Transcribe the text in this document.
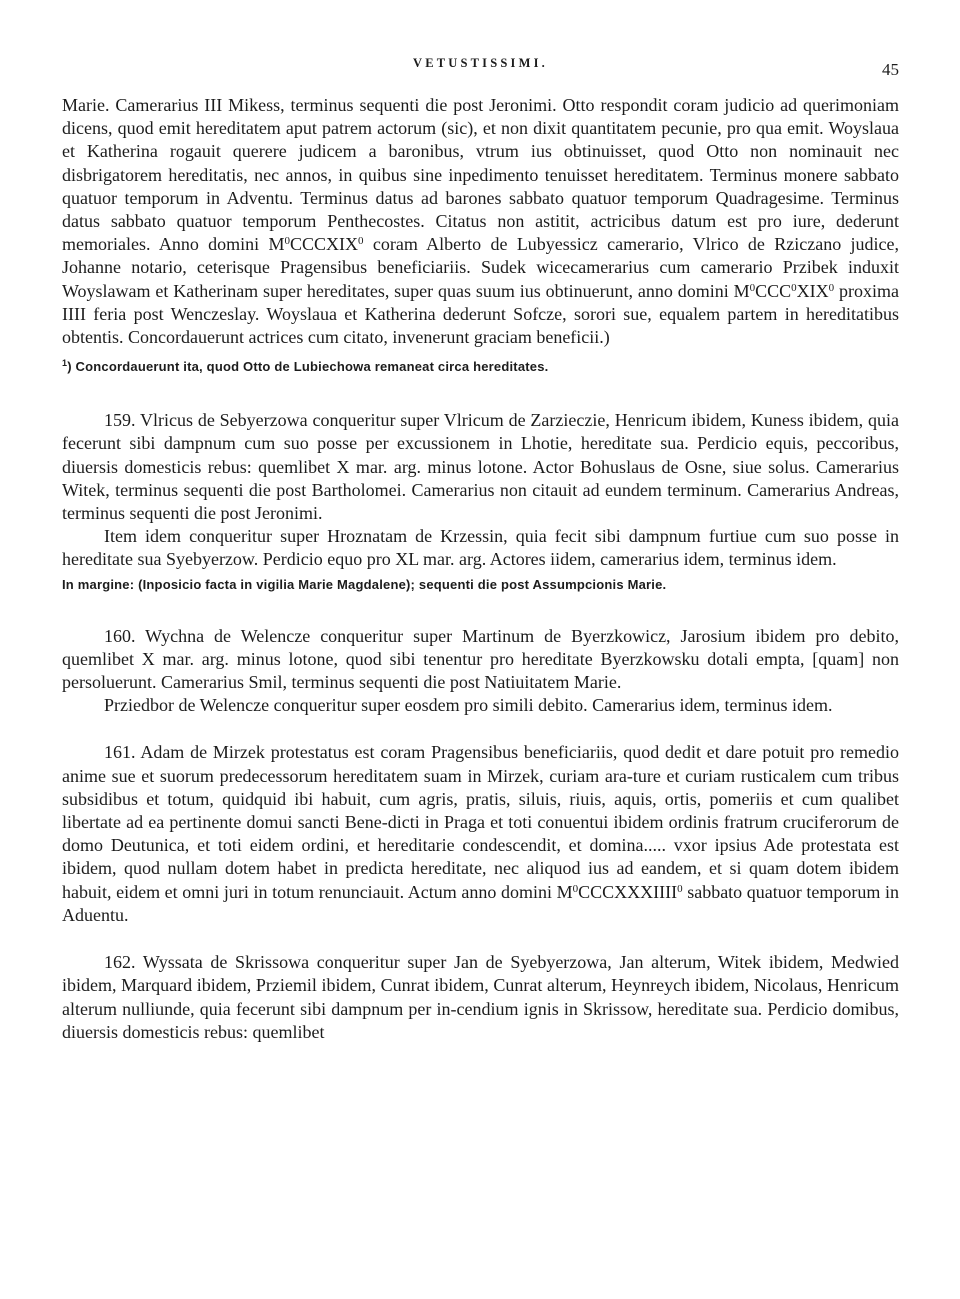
VETUSTISSIMI.	45

Marie. Camerarius III Mikess, terminus sequenti die post Jeronimi. Otto respondit coram judicio ad querimoniam dicens, quod emit hereditatem aput patrem actorum (sic), et non dixit quantitatem pecunie, pro qua emit. Woyslaua et Katherina rogauit querere judicem a baronibus, vtrum ius obtinuisset, quod Otto non nominauit nec disbrigatorem hereditatis, nec annos, in quibus sine inpedimento tenuisset hereditatem. Terminus monere sabbato quatuor temporum in Adventu. Terminus datus ad barones sabbato quatuor temporum Quadragesime. Terminus datus sabbato quatuor temporum Penthecostes. Citatus non astitit, actricibus datum est pro iure, dederunt memoriales. Anno domini $M^0CCCXIX^0$ coram Alberto de Lubyessicz camerario, Vlrico de Rziczano judice, Johanne notario, ceterisque Pragensibus beneficiariis. Sudek wicecamerarius cum camerario Przibek induxit Woyslawam et Katherinam super hereditates, super quas suum ius obtinuerunt, anno domini $M^0CCC^0XIX^0$ proxima IIII feria post Wenczeslay. Woyslaua et Katherina dederunt Sofcze, sorori sue, equalem partem in hereditatibus obtentis. Concordauerunt actrices cum citato, invenerunt graciam beneficii.)

$^1$) Concordauerunt ita, quod Otto de Lubiechowa remaneat circa hereditates.

159. Vlricus de Sebyerzowa conqueritur super Vlricum de Zarzieczie, Henricum ibidem, Kuness ibidem, quia fecerunt sibi dampnum cum suo posse per excussionem in Lhotie, hereditate sua. Perdicio equis, peccoribus, diuersis domesticis rebus: quemlibet X mar. arg. minus lotone. Actor Bohuslaus de Osne, siue solus. Camerarius Witek, terminus sequenti die post Bartholomei. Camerarius non citauit ad eundem terminum. Camerarius Andreas, terminus sequenti die post Jeronimi.

Item idem conqueritur super Hroznatam de Krzessin, quia fecit sibi dampnum furtiue cum suo posse in hereditate sua Syebyerzow. Perdicio equo pro XL mar. arg. Actores iidem, camerarius idem, terminus idem.

In margine: (Inposicio facta in vigilia Marie Magdalene); sequenti die post Assumpcionis Marie.

160. Wychna de Welencze conqueritur super Martinum de Byerzkowicz, Jarosium ibidem pro debito, quemlibet X mar. arg. minus lotone, quod sibi tenentur pro hereditate Byerzkowsku dotali empta, [quam] non persoluerunt. Camerarius Smil, terminus sequenti die post Natiuitatem Marie.

Prziedbor de Welencze conqueritur super eosdem pro simili debito. Camerarius idem, terminus idem.

161. Adam de Mirzek protestatus est coram Pragensibus beneficiariis, quod dedit et dare potuit pro remedio anime sue et suorum predecessorum hereditatem suam in Mirzek, curiam ara-ture et curiam rusticalem cum tribus subsidibus et totum, quidquid ibi habuit, cum agris, pratis, siluis, riuis, aquis, ortis, pomeriis et cum qualibet libertate ad ea pertinente domui sancti Bene-dicti in Praga et toti conuentui ibidem ordinis fratrum cruciferorum de domo Deutunica, et toti eidem ordini, et hereditarie condescendit, et domina..... vxor ipsius Ade protestata est ibidem, quod nullam dotem habet in predicta hereditate, nec aliquod ius ad eandem, et si quam dotem ibidem habuit, eidem et omni juri in totum renunciauit. Actum anno domini $M^0CCCXXXIIII^0$ sabbato quatuor temporum in Aduentu.

162. Wyssata de Skrissowa conqueritur super Jan de Syebyerzowa, Jan alterum, Witek ibidem, Medwied ibidem, Marquard ibidem, Prziemil ibidem, Cunrat ibidem, Cunrat alterum, Heynreych ibidem, Nicolaus, Henricum alterum nulliunde, quia fecerunt sibi dampnum per in-cendium ignis in Skrissow, hereditate sua. Perdicio domibus, diuersis domesticis rebus: quemlibet
